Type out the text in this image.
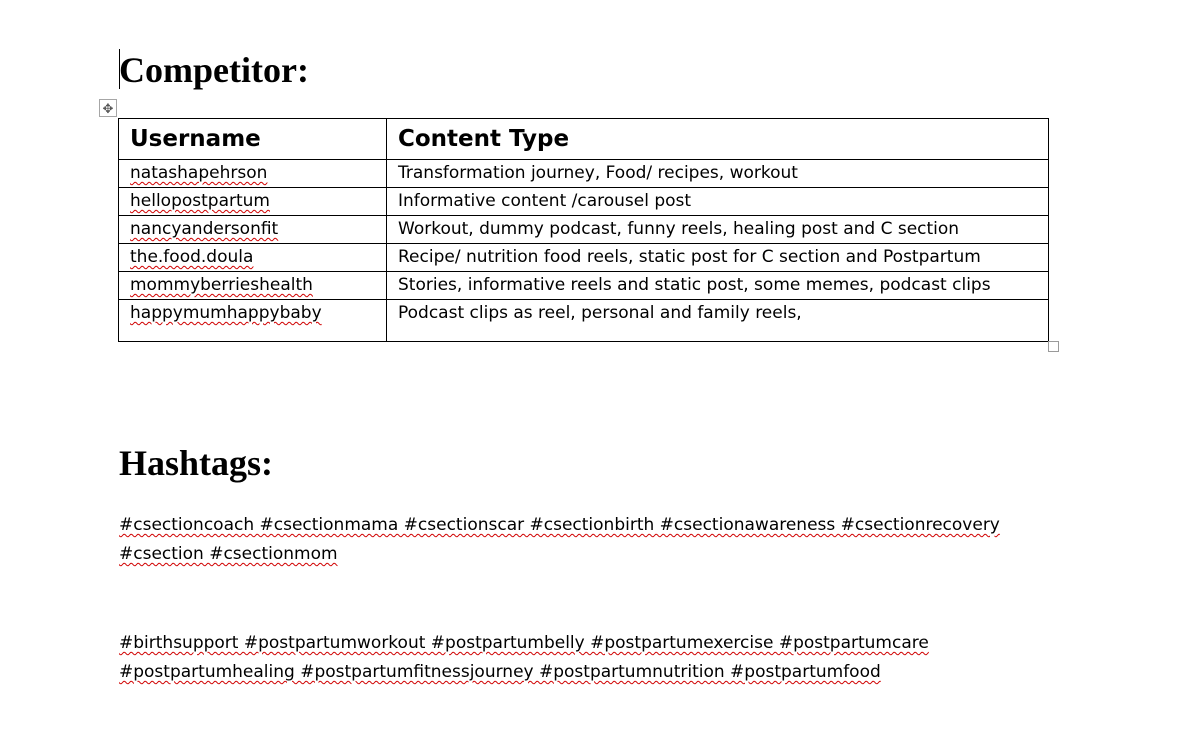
Competitor:
✥
Username	Content Type
natashapehrson	Transformation journey, Food/ recipes, workout
hellopostpartum	Informative content /carousel post
nancyandersonfit	Workout, dummy podcast, funny reels, healing post and C section
the.food.doula	Recipe/ nutrition food reels, static post for C section and Postpartum
mommyberrieshealth	Stories, informative reels and static post, some memes, podcast clips
happymumhappybaby	Podcast clips as reel, personal and family reels,
Hashtags:
#csectioncoach #csectionmama #csectionscar #csectionbirth #csectionawareness #csectionrecovery
#csection #csectionmom
#birthsupport #postpartumworkout #postpartumbelly #postpartumexercise #postpartumcare
#postpartumhealing #postpartumfitnessjourney #postpartumnutrition #postpartumfood
